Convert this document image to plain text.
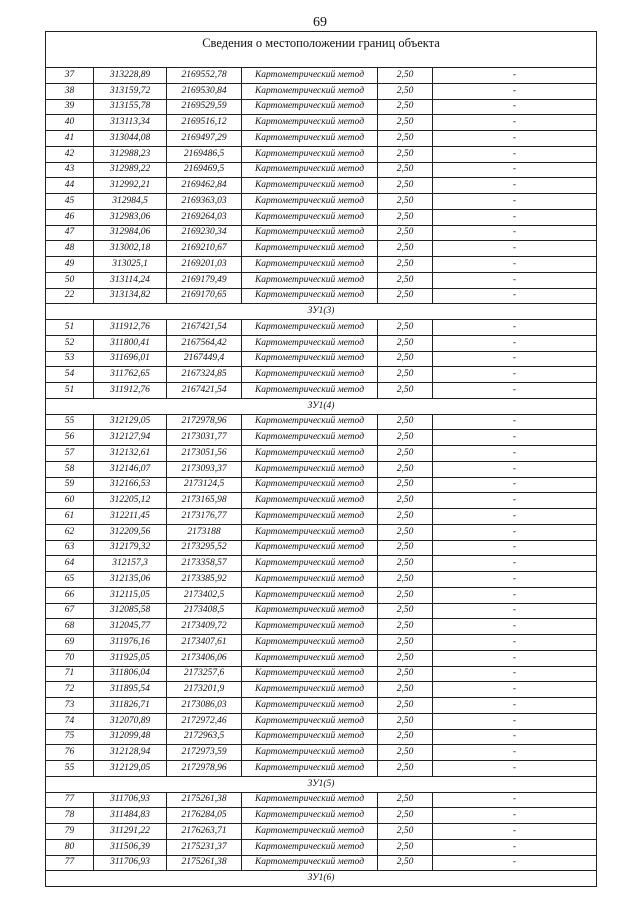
69
Сведения о местоположении границ объекта					
37	313228,89	2169552,78	Картометрический метод	2,50	-
38	313159,72	2169530,84	Картометрический метод	2,50	-
39	313155,78	2169529,59	Картометрический метод	2,50	-
40	313113,34	2169516,12	Картометрический метод	2,50	-
41	313044,08	2169497,29	Картометрический метод	2,50	-
42	312988,23	2169486,5	Картометрический метод	2,50	-
43	312989,22	2169469,5	Картометрический метод	2,50	-
44	312992,21	2169462,84	Картометрический метод	2,50	-
45	312984,5	2169363,03	Картометрический метод	2,50	-
46	312983,06	2169264,03	Картометрический метод	2,50	-
47	312984,06	2169230,34	Картометрический метод	2,50	-
48	313002,18	2169210,67	Картометрический метод	2,50	-
49	313025,1	2169201,03	Картометрический метод	2,50	-
50	313114,24	2169179,49	Картометрический метод	2,50	-
22	313134,82	2169170,65	Картометрический метод	2,50	-
ЗУ1(3)					
51	311912,76	2167421,54	Картометрический метод	2,50	-
52	311800,41	2167564,42	Картометрический метод	2,50	-
53	311696,01	2167449,4	Картометрический метод	2,50	-
54	311762,65	2167324,85	Картометрический метод	2,50	-
51	311912,76	2167421,54	Картометрический метод	2,50	-
ЗУ1(4)					
55	312129,05	2172978,96	Картометрический метод	2,50	-
56	312127,94	2173031,77	Картометрический метод	2,50	-
57	312132,61	2173051,56	Картометрический метод	2,50	-
58	312146,07	2173093,37	Картометрический метод	2,50	-
59	312166,53	2173124,5	Картометрический метод	2,50	-
60	312205,12	2173165,98	Картометрический метод	2,50	-
61	312211,45	2173176,77	Картометрический метод	2,50	-
62	312209,56	2173188	Картометрический метод	2,50	-
63	312179,32	2173295,52	Картометрический метод	2,50	-
64	312157,3	2173358,57	Картометрический метод	2,50	-
65	312135,06	2173385,92	Картометрический метод	2,50	-
66	312115,05	2173402,5	Картометрический метод	2,50	-
67	312085,58	2173408,5	Картометрический метод	2,50	-
68	312045,77	2173409,72	Картометрический метод	2,50	-
69	311976,16	2173407,61	Картометрический метод	2,50	-
70	311925,05	2173406,06	Картометрический метод	2,50	-
71	311806,04	2173257,6	Картометрический метод	2,50	-
72	311895,54	2173201,9	Картометрический метод	2,50	-
73	311826,71	2173086,03	Картометрический метод	2,50	-
74	312070,89	2172972,46	Картометрический метод	2,50	-
75	312099,48	2172963,5	Картометрический метод	2,50	-
76	312128,94	2172973,59	Картометрический метод	2,50	-
55	312129,05	2172978,96	Картометрический метод	2,50	-
ЗУ1(5)					
77	311706,93	2175261,38	Картометрический метод	2,50	-
78	311484,83	2176284,05	Картометрический метод	2,50	-
79	311291,22	2176263,71	Картометрический метод	2,50	-
80	311506,39	2175231,37	Картометрический метод	2,50	-
77	311706,93	2175261,38	Картометрический метод	2,50	-
ЗУ1(6)					
